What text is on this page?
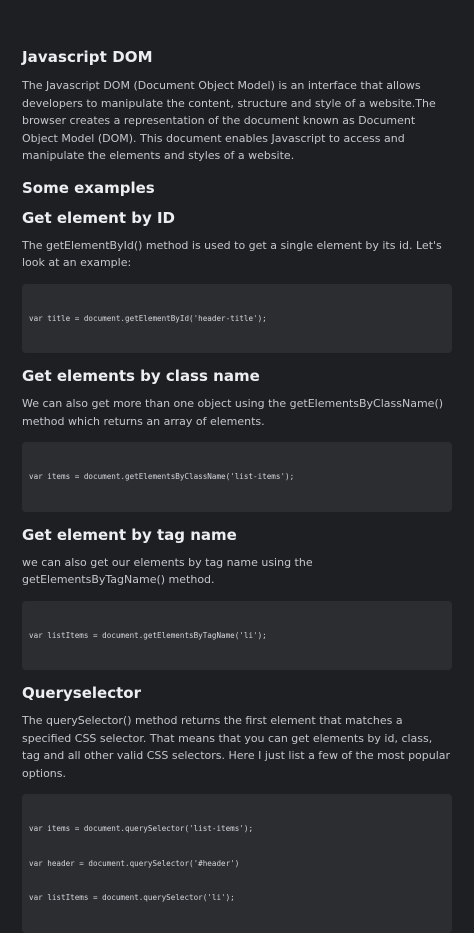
Javascript DOM

The Javascript DOM (Document Object Model) is an interface that allows developers to manipulate the content, structure and style of a website.The browser creates a representation of the document known as Document Object Model (DOM). This document enables Javascript to access and manipulate the elements and styles of a website.

Some examples
Get element by ID

The getElementById() method is used to get a single element by its id. Let's look at an example:

var title = document.getElementById('header-title');

Get elements by class name

We can also get more than one object using the getElementsByClassName() method which returns an array of elements.

var items = document.getElementsByClassName('list-items');

Get element by tag name

we can also get our elements by tag name using the getElementsByTagName() method.

var listItems = document.getElementsByTagName('li');

Queryselector

The querySelector() method returns the first element that matches a specified CSS selector. That means that you can get elements by id, class, tag and all other valid CSS selectors. Here I just list a few of the most popular options.

var items = document.querySelector('list-items');

var header = document.querySelector('#header')

var listItems = document.querySelector('li');
